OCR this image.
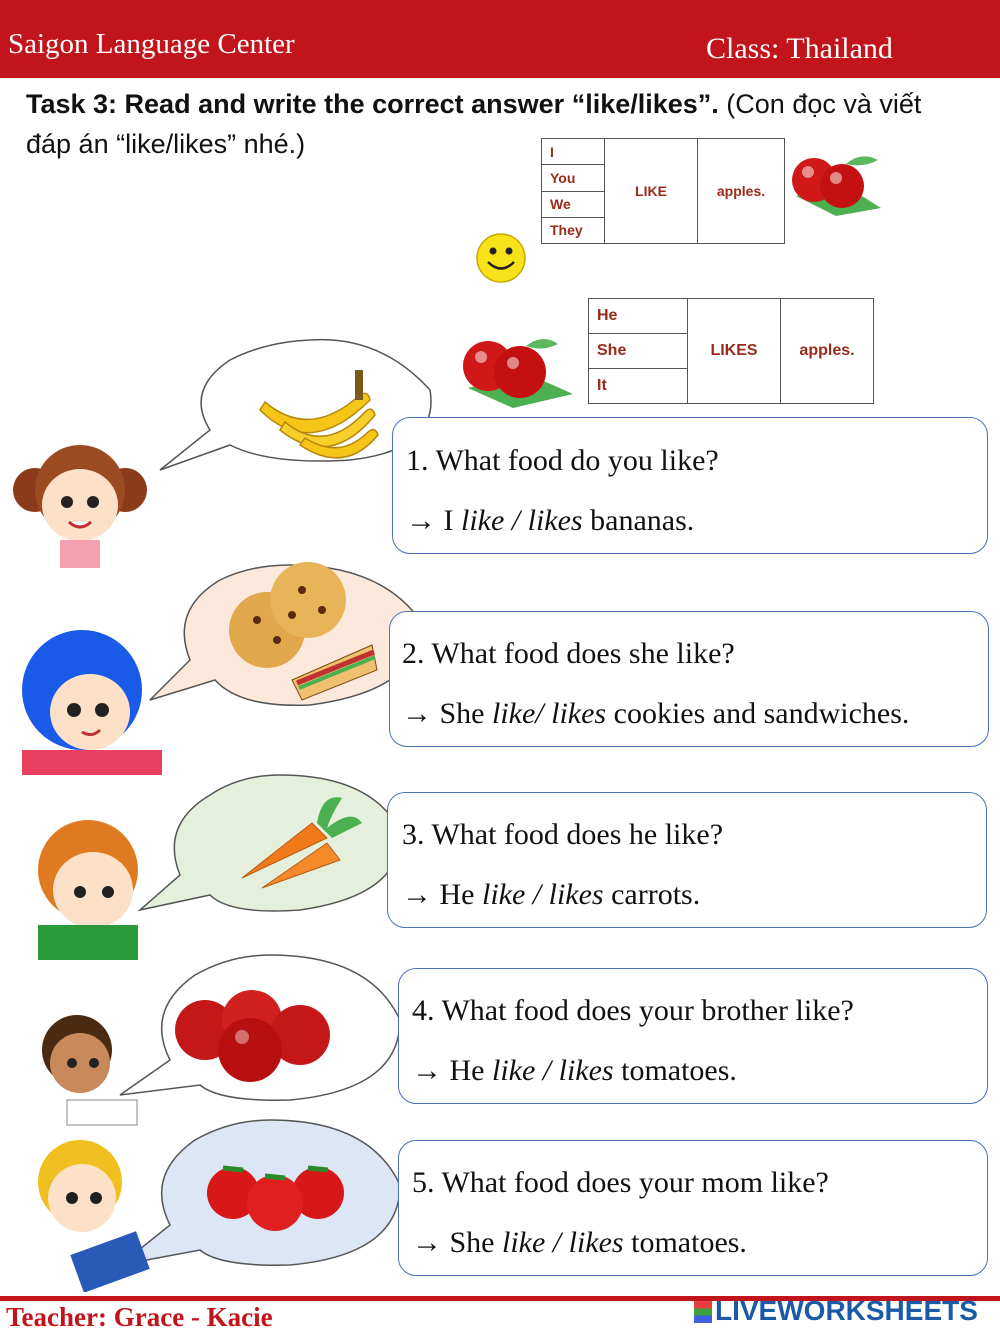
Saigon Language Center	Class: Thailand
Task 3: Read and write the correct answer “like/likes”. (Con đọc và viết đáp án “like/likes” nhé.)	I	LIKE	apples.
You
We
They
He	LIKES	apples.
She
It
1. What food do you like?
→ I like / likes bananas.
2. What food does she like?
→ She like/ likes cookies and sandwiches.
3. What food does he like?
→ He like / likes carrots.
4. What food does your brother like?
→ He like / likes tomatoes.
5. What food does your mom like?
→ She like / likes tomatoes.
Teacher: Grace - Kacie	LIVEWORKSHEETS
